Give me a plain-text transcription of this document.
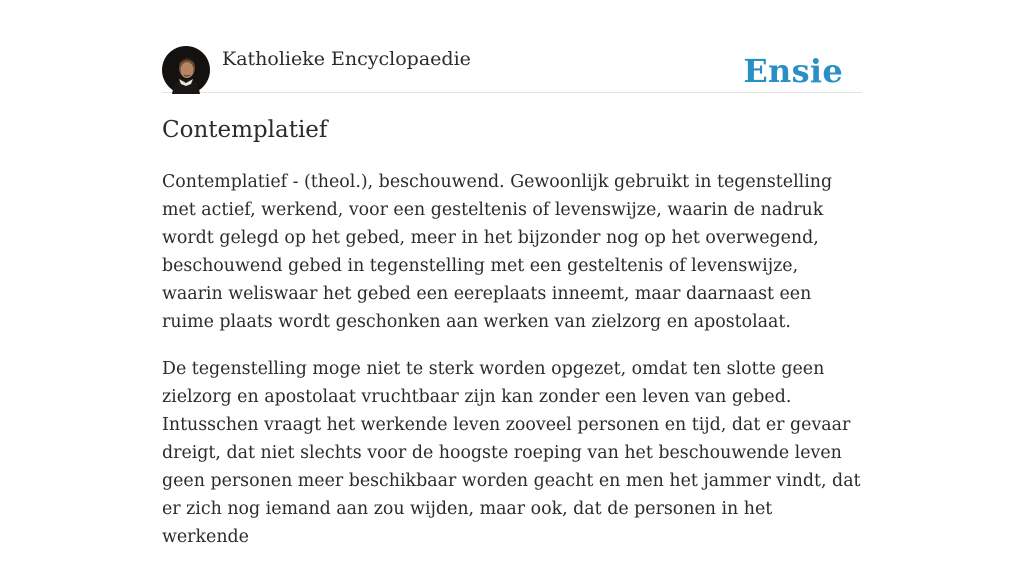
Katholieke Encyclopaedie	Ensie
Contemplatief

Contemplatief - (theol.), beschouwend. Gewoonlijk gebruikt in tegenstelling met actief, werkend, voor een gesteltenis of levenswijze, waarin de nadruk wordt gelegd op het gebed, meer in het bijzonder nog op het overwegend, beschouwend gebed in tegenstelling met een gesteltenis of levenswijze, waarin weliswaar het gebed een eereplaats inneemt, maar daarnaast een ruime plaats wordt geschonken aan werken van zielzorg en apostolaat.

De tegenstelling moge niet te sterk worden opgezet, omdat ten slotte geen zielzorg en apostolaat vruchtbaar zijn kan zonder een leven van gebed. Intusschen vraagt het werkende leven zooveel personen en tijd, dat er gevaar dreigt, dat niet slechts voor de hoogste roeping van het beschouwende leven geen personen meer beschikbaar worden geacht en men het jammer vindt, dat er zich nog iemand aan zou wijden, maar ook, dat de personen in het werkende
